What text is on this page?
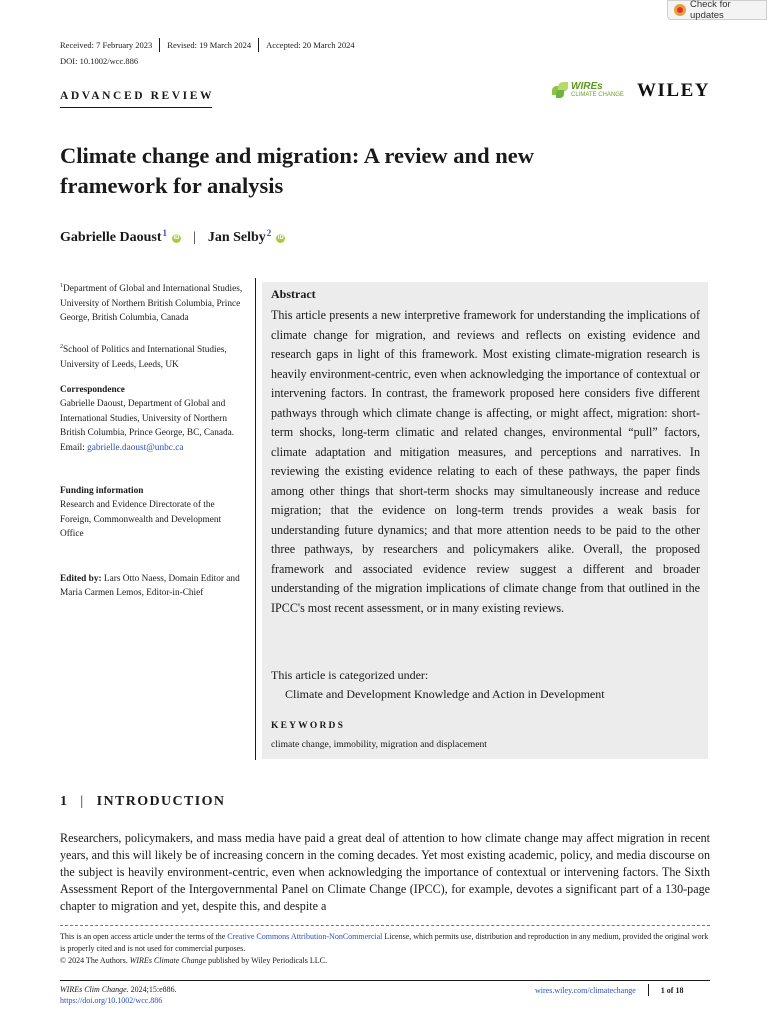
Check for updates
Received: 7 February 2023 Revised: 19 March 2024 Accepted: 20 March 2024
DOI: 10.1002/wcc.886
ADVANCED REVIEW
WIREs
CLIMATE CHANGE WILEY
Climate change and migration: A review and new
framework for analysis
Gabrielle Daoust$^1$ iD | Jan Selby$^2$ iD
$^1$Department of Global and International Studies, University of Northern British Columbia, Prince George, British Columbia, Canada
$^2$School of Politics and International Studies, University of Leeds, Leeds, UK
Correspondence
Gabrielle Daoust, Department of Global and International Studies, University of Northern British Columbia, Prince George, BC, Canada.
Email: gabrielle.daoust@unbc.ca
Funding information
Research and Evidence Directorate of the Foreign, Commonwealth and Development Office
Edited by: Lars Otto Naess, Domain Editor and Maria Carmen Lemos, Editor-in-Chief
Abstract
This article presents a new interpretive framework for understanding the implications of climate change for migration, and reviews and reflects on existing evidence and research gaps in light of this framework. Most existing climate-migration research is heavily environment-centric, even when acknowledging the importance of contextual or intervening factors. In contrast, the framework proposed here considers five different pathways through which climate change is affecting, or might affect, migration: short-term shocks, long-term climatic and related changes, environmental “pull” factors, climate adaptation and mitigation measures, and perceptions and narratives. In reviewing the existing evidence relating to each of these pathways, the paper finds among other things that short-term shocks may simultaneously increase and reduce migration; that the evidence on long-term trends provides a weak basis for understanding future dynamics; and that more attention needs to be paid to the other three pathways, by researchers and policymakers alike. Overall, the proposed framework and associated evidence review suggest a different and broader understanding of the migration implications of climate change from that outlined in the IPCC's most recent assessment, or in many existing reviews.
This article is categorized under:
Climate and Development Knowledge and Action in Development
KEYWORDS
climate change, immobility, migration and displacement
1 | INTRODUCTION
Researchers, policymakers, and mass media have paid a great deal of attention to how climate change may affect migration in recent years, and this will likely be of increasing concern in the coming decades. Yet most existing academic, policy, and media discourse on the subject is heavily environment-centric, even when acknowledging the importance of contextual or intervening factors. The Sixth Assessment Report of the Intergovernmental Panel on Climate Change (IPCC), for example, devotes a significant part of a 130-page chapter to migration and yet, despite this, and despite a
This is an open access article under the terms of the Creative Commons Attribution-NonCommercial License, which permits use, distribution and reproduction in any medium, provided the original work is properly cited and is not used for commercial purposes.
© 2024 The Authors. WIREs Climate Change published by Wiley Periodicals LLC.
WIREs Clim Change. 2024;15:e886.
https://doi.org/10.1002/wcc.886
wires.wiley.com/climatechange	1 of 18
